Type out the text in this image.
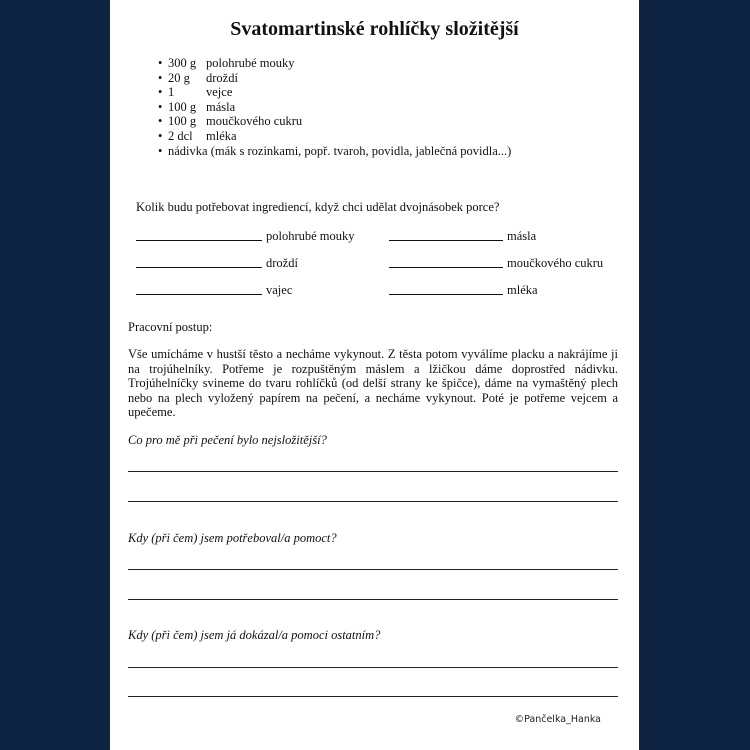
Svatomartinské rohlíčky složitější
• 300 g polohrubé mouky
• 20 g droždí
• 1	vejce
• 100 g másla
• 100 g moučkového cukru
• 2 dcl mléka
• nádivka (mák s rozinkami, popř. tvaroh, povidla, jablečná povidla...)

Kolik budu potřebovat ingrediencí, když chci udělat dvojnásobek porce?

polohrubé mouky	másla
droždí	moučkového cukru
vajec	mléka

Pracovní postup:

Vše umícháme v hustší těsto a necháme vykynout. Z těsta potom vyválíme placku a nakrájíme ji na trojúhelníky. Potřeme je rozpuštěným máslem a lžičkou dáme doprostřed nádivku. Trojúhelníčky svineme do tvaru rohlíčků (od delší strany ke špičce), dáme na vymaštěný plech nebo na plech vyložený papírem na pečení, a necháme vykynout. Poté je potřeme vejcem a upečeme.

Co pro mě při pečení bylo nejsložitější?

Kdy (při čem) jsem potřeboval/a pomoct?

Kdy (při čem) jsem já dokázal/a pomoci ostatním?

©Pančelka_Hanka
